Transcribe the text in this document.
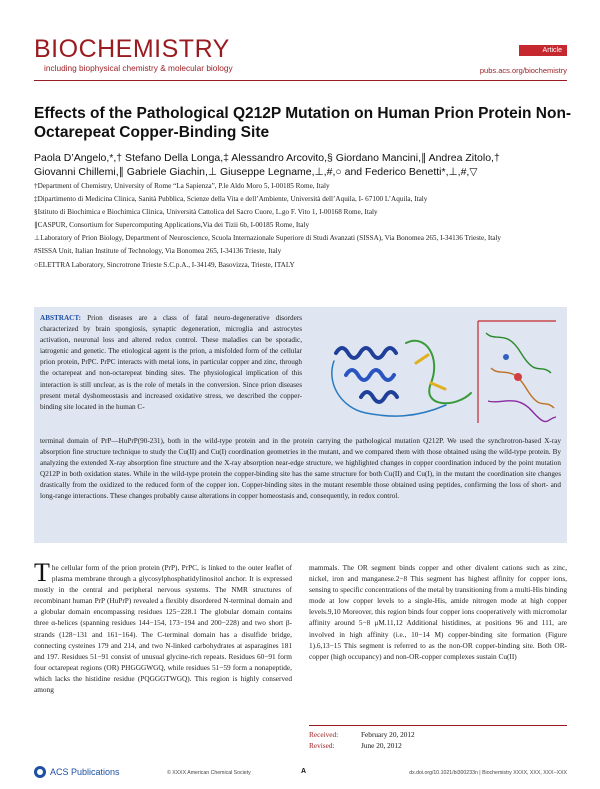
BIOCHEMISTRY
including biophysical chemistry & molecular biology
Article
pubs.acs.org/biochemistry
Effects of the Pathological Q212P Mutation on Human Prion Protein Non-Octarepeat Copper-Binding Site
Paola D’Angelo,*,† Stefano Della Longa,‡ Alessandro Arcovito,§ Giordano Mancini,∥ Andrea Zitolo,†
Giovanni Chillemi,∥ Gabriele Giachin,⊥ Giuseppe Legname,⊥,#,○ and Federico Benetti*,⊥,#,▽
†Department of Chemistry, University of Rome “La Sapienza”, P.le Aldo Moro 5, I-00185 Rome, Italy
‡Dipartimento di Medicina Clinica, Sanità Pubblica, Scienze della Vita e dell’Ambiente, Università dell’Aquila, I- 67100 L’Aquila, Italy
§Istituto di Biochimica e Biochimica Clinica, Università Cattolica del Sacro Cuore, L.go F. Vito 1, I-00168 Rome, Italy
∥CASPUR, Consortium for Supercomputing Applications,Via dei Tizii 6b, I-00185 Rome, Italy
⊥Laboratory of Prion Biology, Department of Neuroscience, Scuola Internazionale Superiore di Studi Avanzati (SISSA), Via Bonomea 265, I-34136 Trieste, Italy
#SISSA Unit, Italian Institute of Technology, Via Bonomea 265, I-34136 Trieste, Italy
○ELETTRA Laboratory, Sincrotrone Trieste S.C.p.A., I-34149, Basovizza, Trieste, ITALY
ABSTRACT: Prion diseases are a class of fatal neuro-degenerative disorders characterized by brain spongiosis, synaptic degeneration, microglia and astrocytes activation, neuronal loss and altered redox control. These maladies can be sporadic, iatrogenic and genetic. The etiological agent is the prion, a misfolded form of the cellular prion protein, PrPC. PrPC interacts with metal ions, in particular copper and zinc, through the octarepeat and non-octarepeat binding sites. The physiological implication of this interaction is still unclear, as is the role of metals in the conversion. Since prion diseases present metal dyshomeostasis and increased oxidative stress, we described the copper-binding site located in the human C-
terminal domain of PrP—HuPrP(90-231), both in the wild-type protein and in the protein carrying the pathological mutation Q212P. We used the synchrotron-based X-ray absorption fine structure technique to study the Cu(II) and Cu(I) coordination geometries in the mutant, and we compared them with those obtained using the wild-type protein. By analyzing the extended X-ray absorption fine structure and the X-ray absorption near-edge structure, we highlighted changes in copper coordination induced by the point mutation Q212P in both oxidation states. While in the wild-type protein the copper-binding site has the same structure for both Cu(II) and Cu(I), in the mutant the coordination site changes drastically from the oxidized to the reduced form of the copper ion. Copper-binding sites in the mutant resemble those obtained using peptides, confirming the loss of short- and long-range interactions. These changes probably cause alterations in copper homeostasis and, consequently, in redox control.
T he cellular form of the prion protein (PrP), PrPC, is linked to the outer leaflet of plasma membrane through a glycosylphosphatidylinositol anchor. It is expressed mostly in the central and peripheral nervous systems. The NMR structures of recombinant human PrP (HuPrP) revealed a flexibly disordered N-terminal domain and a globular domain encompassing residues 125−228.1 The globular domain contains three α-helices (spanning residues 144−154, 173−194 and 200−228) and two short β-strands (128−131 and 161−164). The C-terminal domain has a disulfide bridge, connecting cysteines 179 and 214, and two N-linked carbohydrates at asparagines 181 and 197. Residues 51−91 consist of unusual glycine-rich repeats. Residues 60−91 form four octarepeat regions (OR) PHGGGWGQ, while residues 51−59 form a nonapeptide, which lacks the histidine residue (PQGGGTWGQ). This region is highly conserved among
mammals. The OR segment binds copper and other divalent cations such as zinc, nickel, iron and manganese.2−8 This segment has highest affinity for copper ions, sensing to specific concentrations of the metal by transitioning from a multi-His binding mode at low copper levels to a single-His, amide nitrogen mode at high copper levels.9,10 Moreover, this region binds four copper ions cooperatively with micromolar affinity around 5−8 μM.11,12 Additional histidines, at positions 96 and 111, are involved in high affinity (i.e., 10−14 M) copper-binding site formation (Figure 1).6,13−15 This segment is referred to as the non-OR copper-binding site. Both OR-copper (high occupancy) and non-OR-copper complexes sustain Cu(II)
Received:	February 20, 2012
Revised:	June 20, 2012
ACS Publications	© XXXX American Chemical Society	A	dx.doi.org/10.1021/bi300233n | Biochemistry XXXX, XXX, XXX−XXX
